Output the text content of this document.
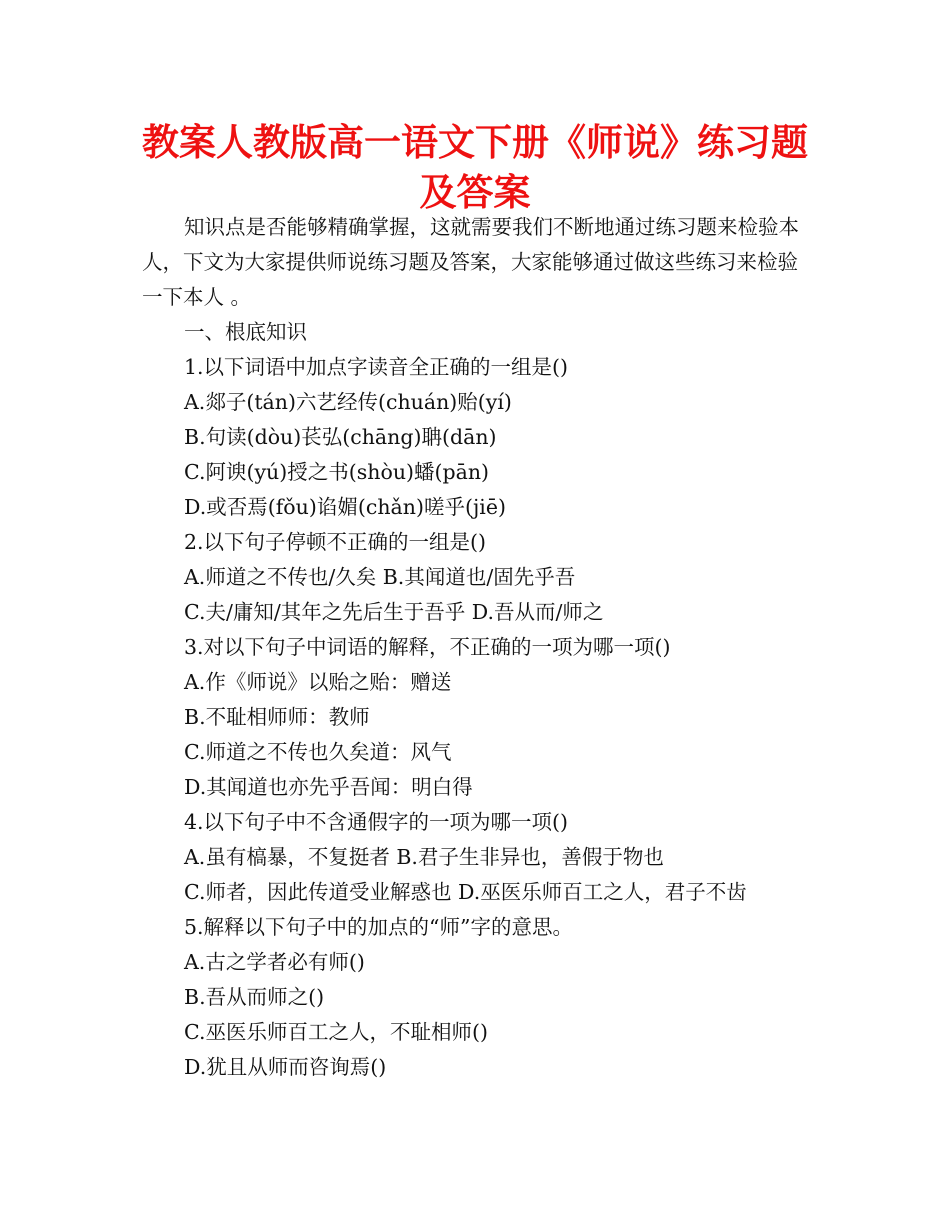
教案人教版高一语文下册《师说》练习题及答案

知识点是否能够精确掌握，这就需要我们不断地通过练习题来检验本人，下文为大家提供师说练习题及答案，大家能够通过做这些练习来检验一下本人 。

一、根底知识

1.以下词语中加点字读音全正确的一组是()

A.郯子(tán)六艺经传(chuán)贻(yí)

B.句读(dòu)苌弘(chāng)聃(dān)

C.阿谀(yú)授之书(shòu)蟠(pān)

D.或否焉(fǒu)谄媚(chǎn)嗟乎(jiē)

2.以下句子停顿不正确的一组是()

A.师道之不传也/久矣 B.其闻道也/固先乎吾

C.夫/庸知/其年之先后生于吾乎 D.吾从而/师之

3.对以下句子中词语的解释，不正确的一项为哪一项()

A.作《师说》以贻之贻：赠送

B.不耻相师师：教师

C.师道之不传也久矣道：风气

D.其闻道也亦先乎吾闻：明白得

4.以下句子中不含通假字的一项为哪一项()

A.虽有槁暴，不复挺者 B.君子生非异也，善假于物也

C.师者，因此传道受业解惑也 D.巫医乐师百工之人，君子不齿

5.解释以下句子中的加点的“师”字的意思。

A.古之学者必有师()

B.吾从而师之()

C.巫医乐师百工之人，不耻相师()

D.犹且从师而咨询焉()
